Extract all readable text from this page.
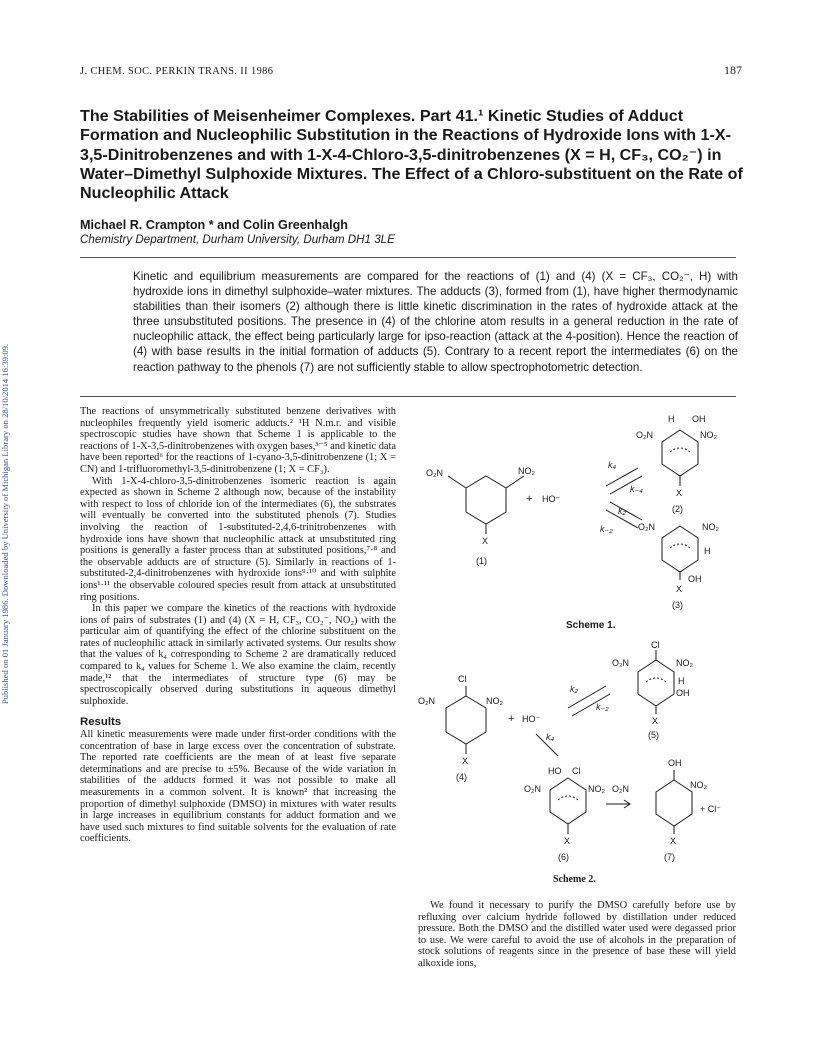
Published on 01 January 1986. Downloaded by University of Michigan Library on 28/10/2014 16:39:09.
J. CHEM. SOC. PERKIN TRANS. II 1986	187
The Stabilities of Meisenheimer Complexes. Part 41.¹ Kinetic Studies of Adduct Formation and Nucleophilic Substitution in the Reactions of Hydroxide Ions with 1-X-3,5-Dinitrobenzenes and with 1-X-4-Chloro-3,5-dinitrobenzenes (X = H, CF₃, CO₂⁻) in Water–Dimethyl Sulphoxide Mixtures. The Effect of a Chloro-substituent on the Rate of Nucleophilic Attack
Michael R. Crampton * and Colin Greenhalgh
Chemistry Department, Durham University, Durham DH1 3LE
Kinetic and equilibrium measurements are compared for the reactions of (1) and (4) (X = CF₃, CO₂⁻, H) with hydroxide ions in dimethyl sulphoxide–water mixtures. The adducts (3), formed from (1), have higher thermodynamic stabilities than their isomers (2) although there is little kinetic discrimination in the rates of hydroxide attack at the three unsubstituted positions. The presence in (4) of the chlorine atom results in a general reduction in the rate of nucleophilic attack, the effect being particularly large for ipso-reaction (attack at the 4-position). Hence the reaction of (4) with base results in the initial formation of adducts (5). Contrary to a recent report the intermediates (6) on the reaction pathway to the phenols (7) are not sufficiently stable to allow spectrophotometric detection.

The reactions of unsymmetrically substituted benzene derivatives with nucleophiles frequently yield isomeric adducts.² ¹H N.m.r. and visible spectroscopic studies have shown that Scheme 1 is applicable to the reactions of 1-X-3,5-dinitrobenzenes with oxygen bases,³⁻⁵ and kinetic data have been reported⁶ for the reactions of 1-cyano-3,5-dinitrobenzene (1; X = CN) and 1-trifluoromethyl-3,5-dinitrobenzene (1; X = CF₃).

With 1-X-4-chloro-3,5-dinitrobenzenes isomeric reaction is again expected as shown in Scheme 2 although now, because of the instability with respect to loss of chloride ion of the intermediates (6), the substrates will eventually be converted into the substituted phenols (7). Studies involving the reaction of 1-substituted-2,4,6-trinitrobenzenes with hydroxide ions have shown that nucleophilic attack at unsubstituted ring positions is generally a faster process than at substituted positions,⁷·⁸ and the observable adducts are of structure (5). Similarly in reactions of 1-substituted-2,4-dinitrobenzenes with hydroxide ions⁹·¹⁰ and with sulphite ions¹·¹¹ the observable coloured species result from attack at unsubstituted ring positions.

In this paper we compare the kinetics of the reactions with hydroxide ions of pairs of substrates (1) and (4) (X = H, CF₃, CO₂⁻, NO₂) with the particular aim of quantifying the effect of the chlorine substituent on the rates of nucleophilic attack in similarly activated systems. Our results show that the values of k₄ corresponding to Scheme 2 are dramatically reduced compared to k₄ values for Scheme 1. We also examine the claim, recently made,¹² that the intermediates of structure type (6) may be spectroscopically observed during substitutions in aqueous dimethyl sulphoxide.

Results

All kinetic measurements were made under first-order conditions with the concentration of base in large excess over the concentration of substrate. The reported rate coefficients are the mean of at least five separate determinations and are precise to ±5%. Because of the wide variation in stabilities of the adducts formed it was not possible to make all measurements in a common solvent. It is known² that increasing the proportion of dimethyl sulphoxide (DMSO) in mixtures with water results in large increases in equilibrium constants for adduct formation and we have used such mixtures to find suitable solvents for the evaluation of rate coefficients.

We found it necessary to purify the DMSO carefully before use by refluxing over calcium hydride followed by distillation under reduced pressure. Both the DMSO and the distilled water used were degassed prior to use. We were careful to avoid the use of alcohols in the preparation of stock solutions of reagents since in the presence of base these will yield alkoxide ions,

O₂N	NO₂
X
(1)
+ HO⁻
k₄
k₋₄
k₂
k₋₂
H OH
O₂N	NO₂
X
(2)
O₂N	NO₂
H
OH
X
(3)
Scheme 1.
Cl
O₂N	NO₂
X
(4)
+ HO⁻
k₂
k₋₂
k₄
Cl
O₂N	NO₂
H
OH
X
(5)
HO Cl
O₂N	NO₂
X
(6)
OH
O₂N	NO₂
+ Cl⁻
X
(7)
Scheme 2.
